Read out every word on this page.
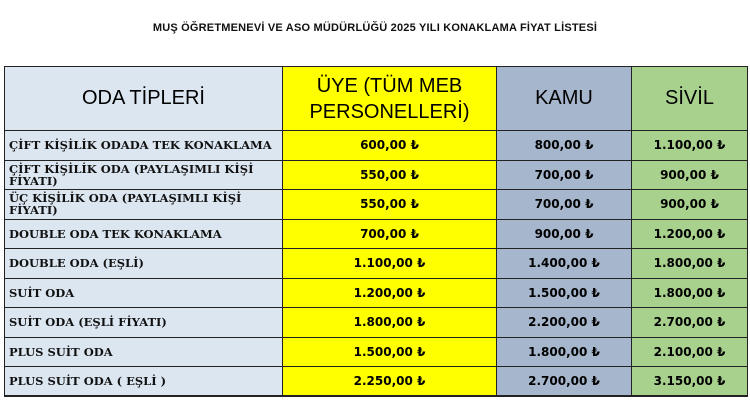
MUŞ ÖĞRETMENEVİ VE ASO MÜDÜRLÜĞÜ 2025 YILI KONAKLAMA FİYAT LİSTESİ
ODA TİPLERİ	ÜYE (TÜM MEB PERSONELLERİ)	KAMU	SİVİL
ÇİFT KİŞİLİK ODADA TEK KONAKLAMA	600,00 ₺	800,00 ₺	1.100,00 ₺
ÇİFT KİŞİLİK ODA (PAYLAŞIMLI KİŞİ FİYATI)	550,00 ₺	700,00 ₺	900,00 ₺
ÜÇ KİŞİLİK ODA (PAYLAŞIMLI KİŞİ FİYATI)	550,00 ₺	700,00 ₺	900,00 ₺
DOUBLE ODA TEK KONAKLAMA	700,00 ₺	900,00 ₺	1.200,00 ₺
DOUBLE ODA (EŞLİ)	1.100,00 ₺	1.400,00 ₺	1.800,00 ₺
SUİT ODA	1.200,00 ₺	1.500,00 ₺	1.800,00 ₺
SUİT ODA (EŞLİ FİYATI)	1.800,00 ₺	2.200,00 ₺	2.700,00 ₺
PLUS SUİT ODA	1.500,00 ₺	1.800,00 ₺	2.100,00 ₺
PLUS SUİT ODA ( EŞLİ )	2.250,00 ₺	2.700,00 ₺	3.150,00 ₺
